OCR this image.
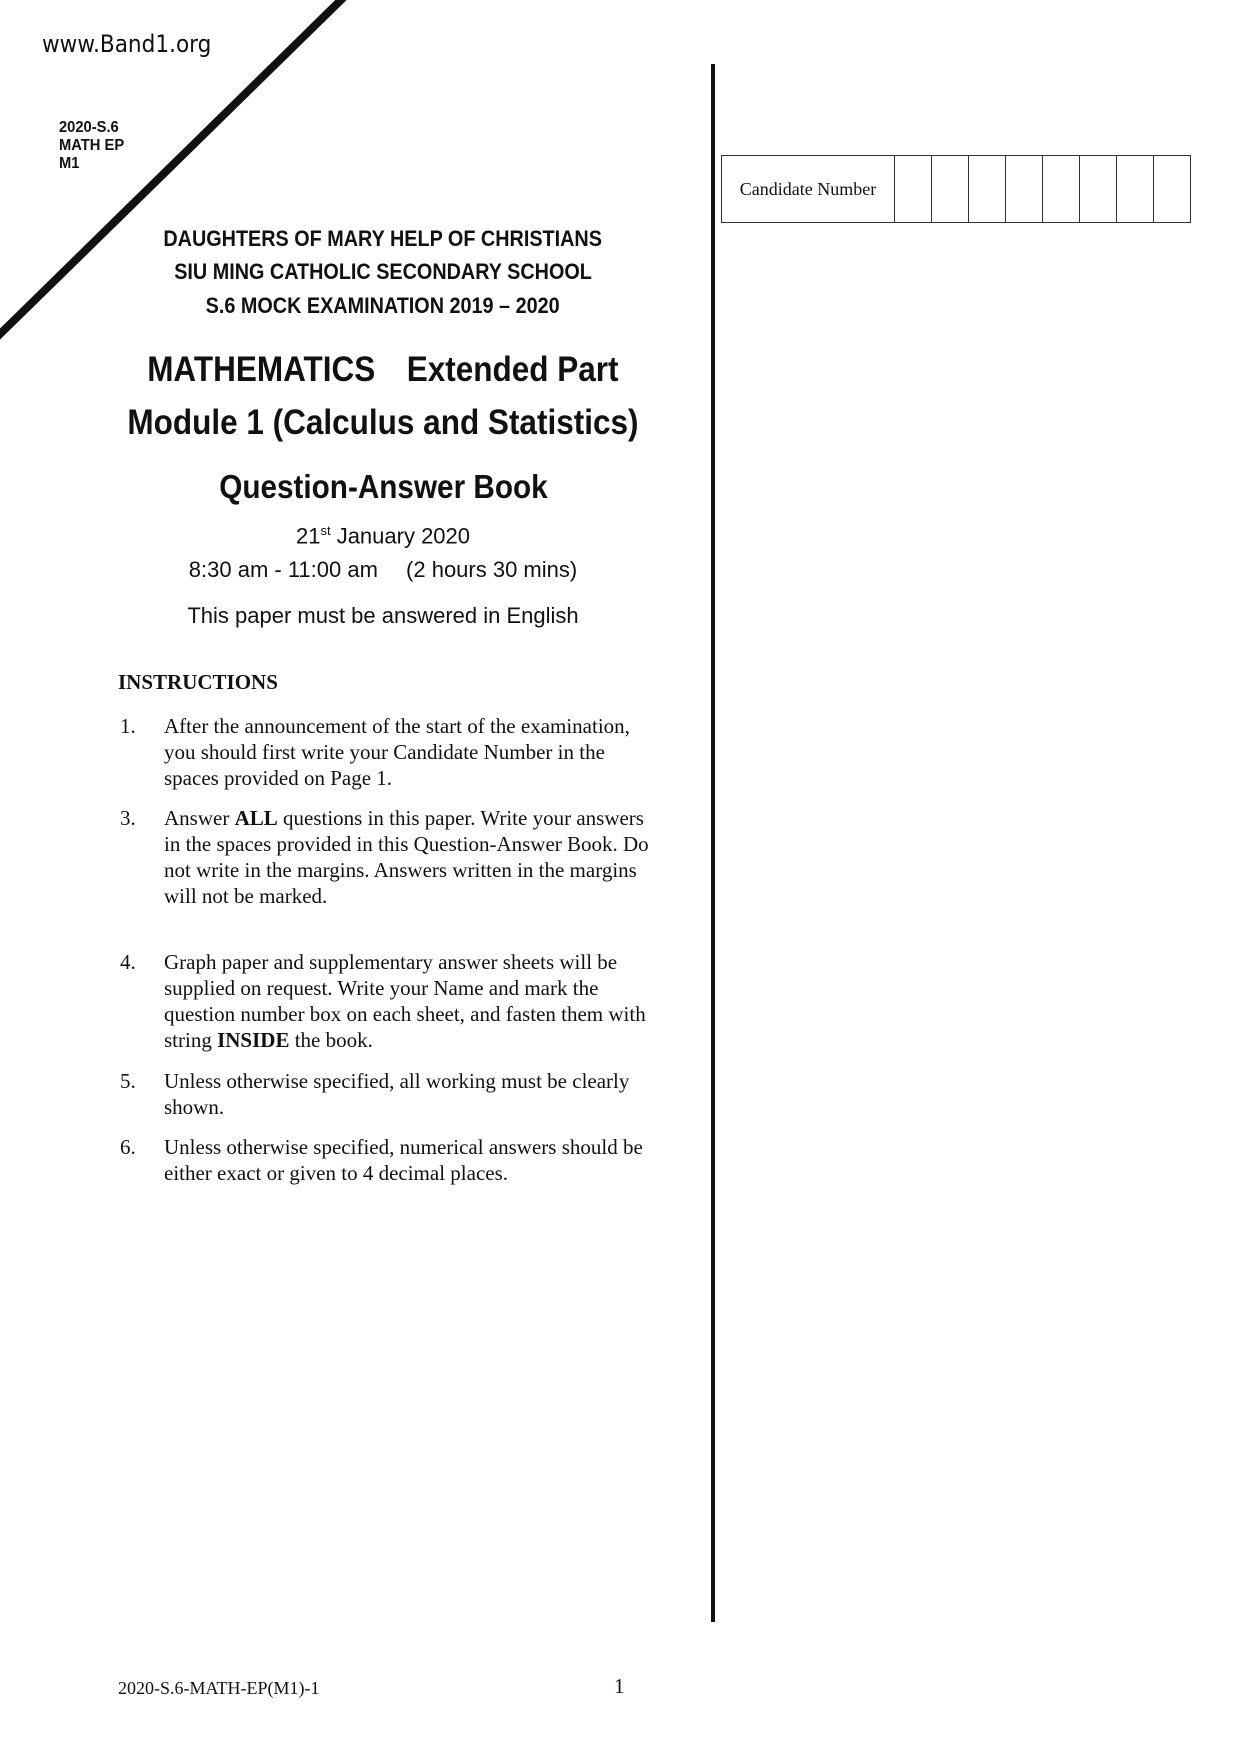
www.Band1.org
2020-S.6
MATH EP
M1
DAUGHTERS OF MARY HELP OF CHRISTIANS
SIU MING CATHOLIC SECONDARY SCHOOL
S.6 MOCK EXAMINATION 2019 – 2020
MATHEMATICS Extended Part
Module 1 (Calculus and Statistics)
Question-Answer Book
21st January 2020
8:30 am - 11:00 am  (2 hours 30 mins)
This paper must be answered in English
Candidate Number
INSTRUCTIONS
1.	After the announcement of the start of the examination, you should first write your Candidate Number in the spaces provided on Page 1.
3.	Answer ALL questions in this paper. Write your answers in the spaces provided in this Question-Answer Book. Do not write in the margins. Answers written in the margins will not be marked.
4.	Graph paper and supplementary answer sheets will be supplied on request. Write your Name and mark the question number box on each sheet, and fasten them with string INSIDE the book.
5.	Unless otherwise specified, all working must be clearly shown.
6.	Unless otherwise specified, numerical answers should be either exact or given to 4 decimal places.
2020-S.6-MATH-EP(M1)-1	1
